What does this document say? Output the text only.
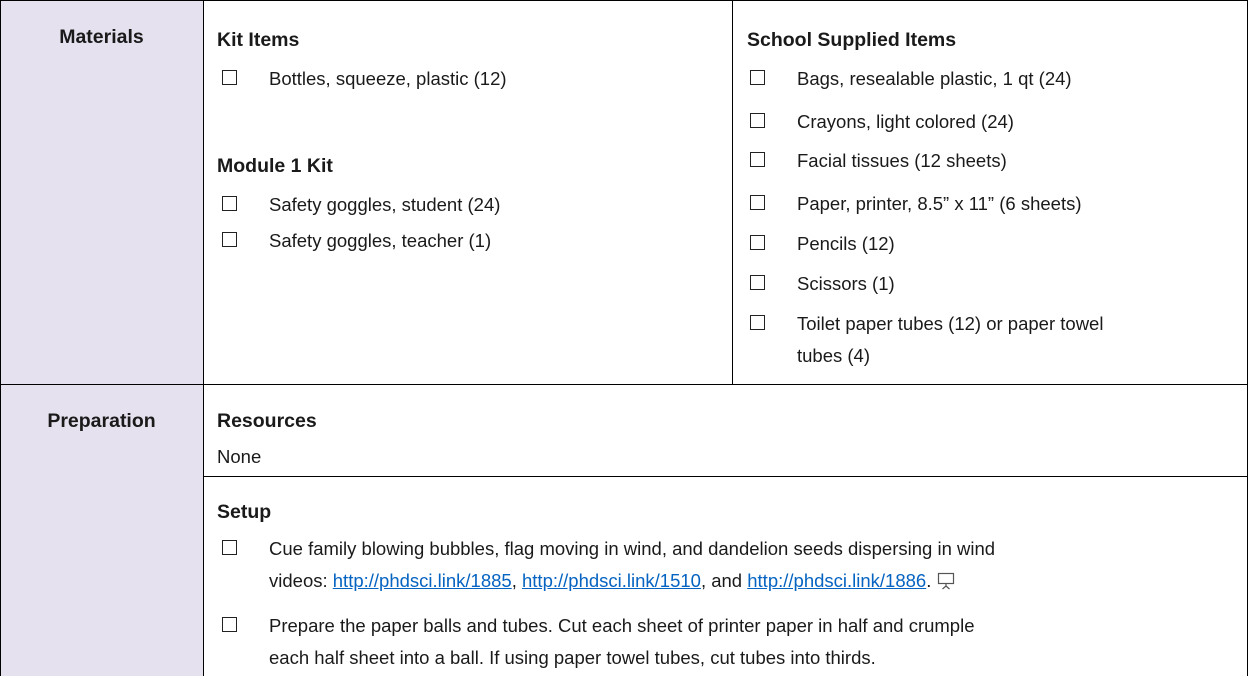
Materials
Preparation
Kit Items
Bottles, squeeze, plastic (12)
Module 1 Kit
Safety goggles, student (24)
Safety goggles, teacher (1)
School Supplied Items
Bags, resealable plastic, 1 qt (24)
Crayons, light colored (24)
Facial tissues (12 sheets)
Paper, printer, 8.5” x 11” (6 sheets)
Pencils (12)
Scissors (1)
Toilet paper tubes (12) or paper towel
tubes (4)
Resources
None
Setup
Cue family blowing bubbles, flag moving in wind, and dandelion seeds dispersing in wind
videos: http://phdsci.link/1885, http://phdsci.link/1510, and http://phdsci.link/1886.
Prepare the paper balls and tubes. Cut each sheet of printer paper in half and crumple
each half sheet into a ball. If using paper towel tubes, cut tubes into thirds.
